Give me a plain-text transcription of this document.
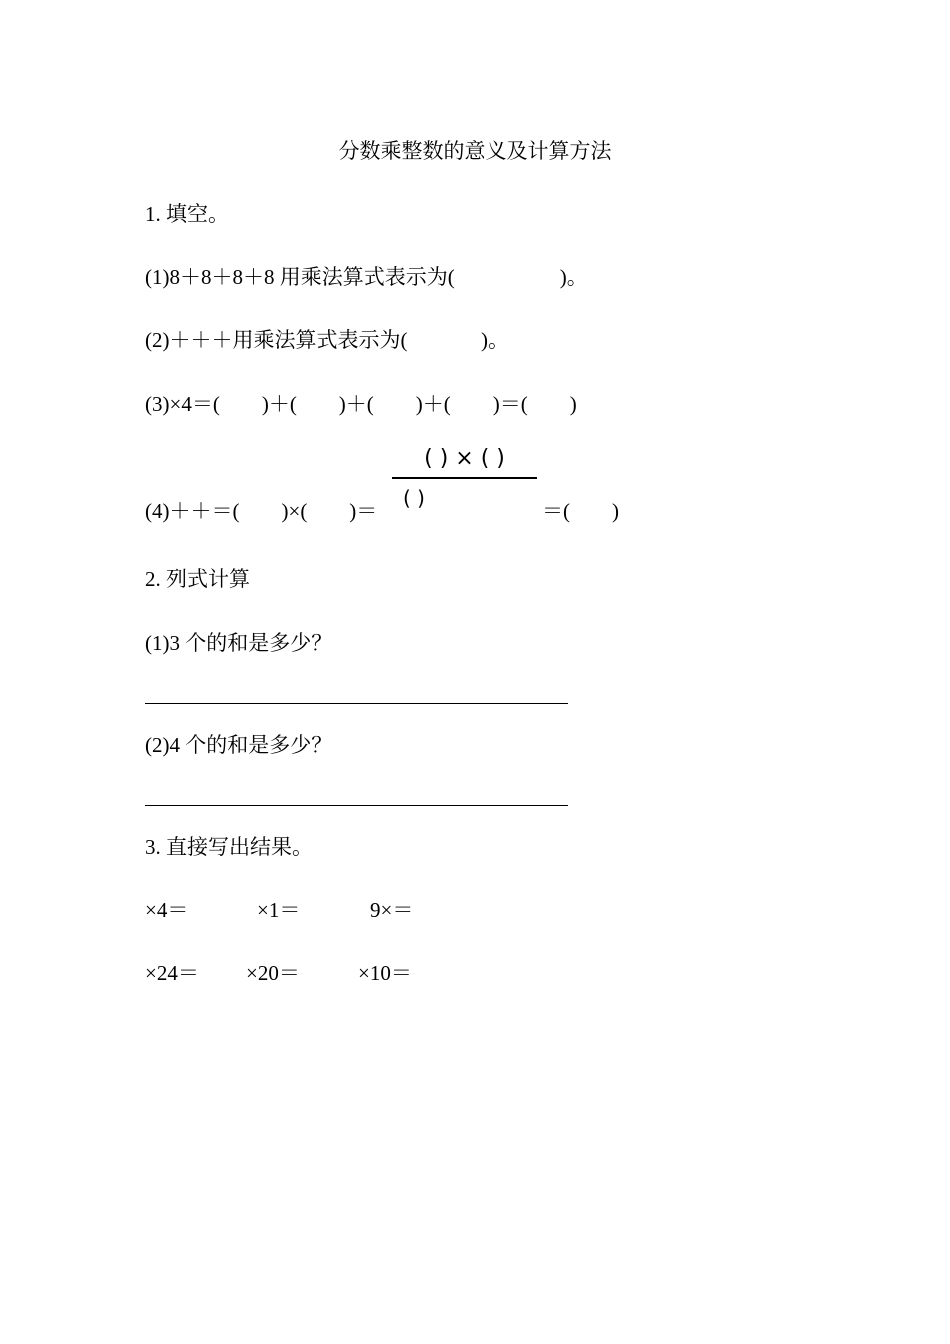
分数乘整数的意义及计算方法
1. 填空。
(1)8＋8＋8＋8 用乘法算式表示为(                    )。
(2)＋＋＋用乘法算式表示为(              )。
(3)×4＝(        )＋(        )＋(        )＋(        )＝(        )
(4)＋＋＝(        )×(        )＝
( ) × ( )
( )
＝(        )
2. 列式计算
(1)3 个的和是多少？
(2)4 个的和是多少？
3. 直接写出结果。
×4＝	×1＝	9×＝
×24＝ ×20＝	×10＝
